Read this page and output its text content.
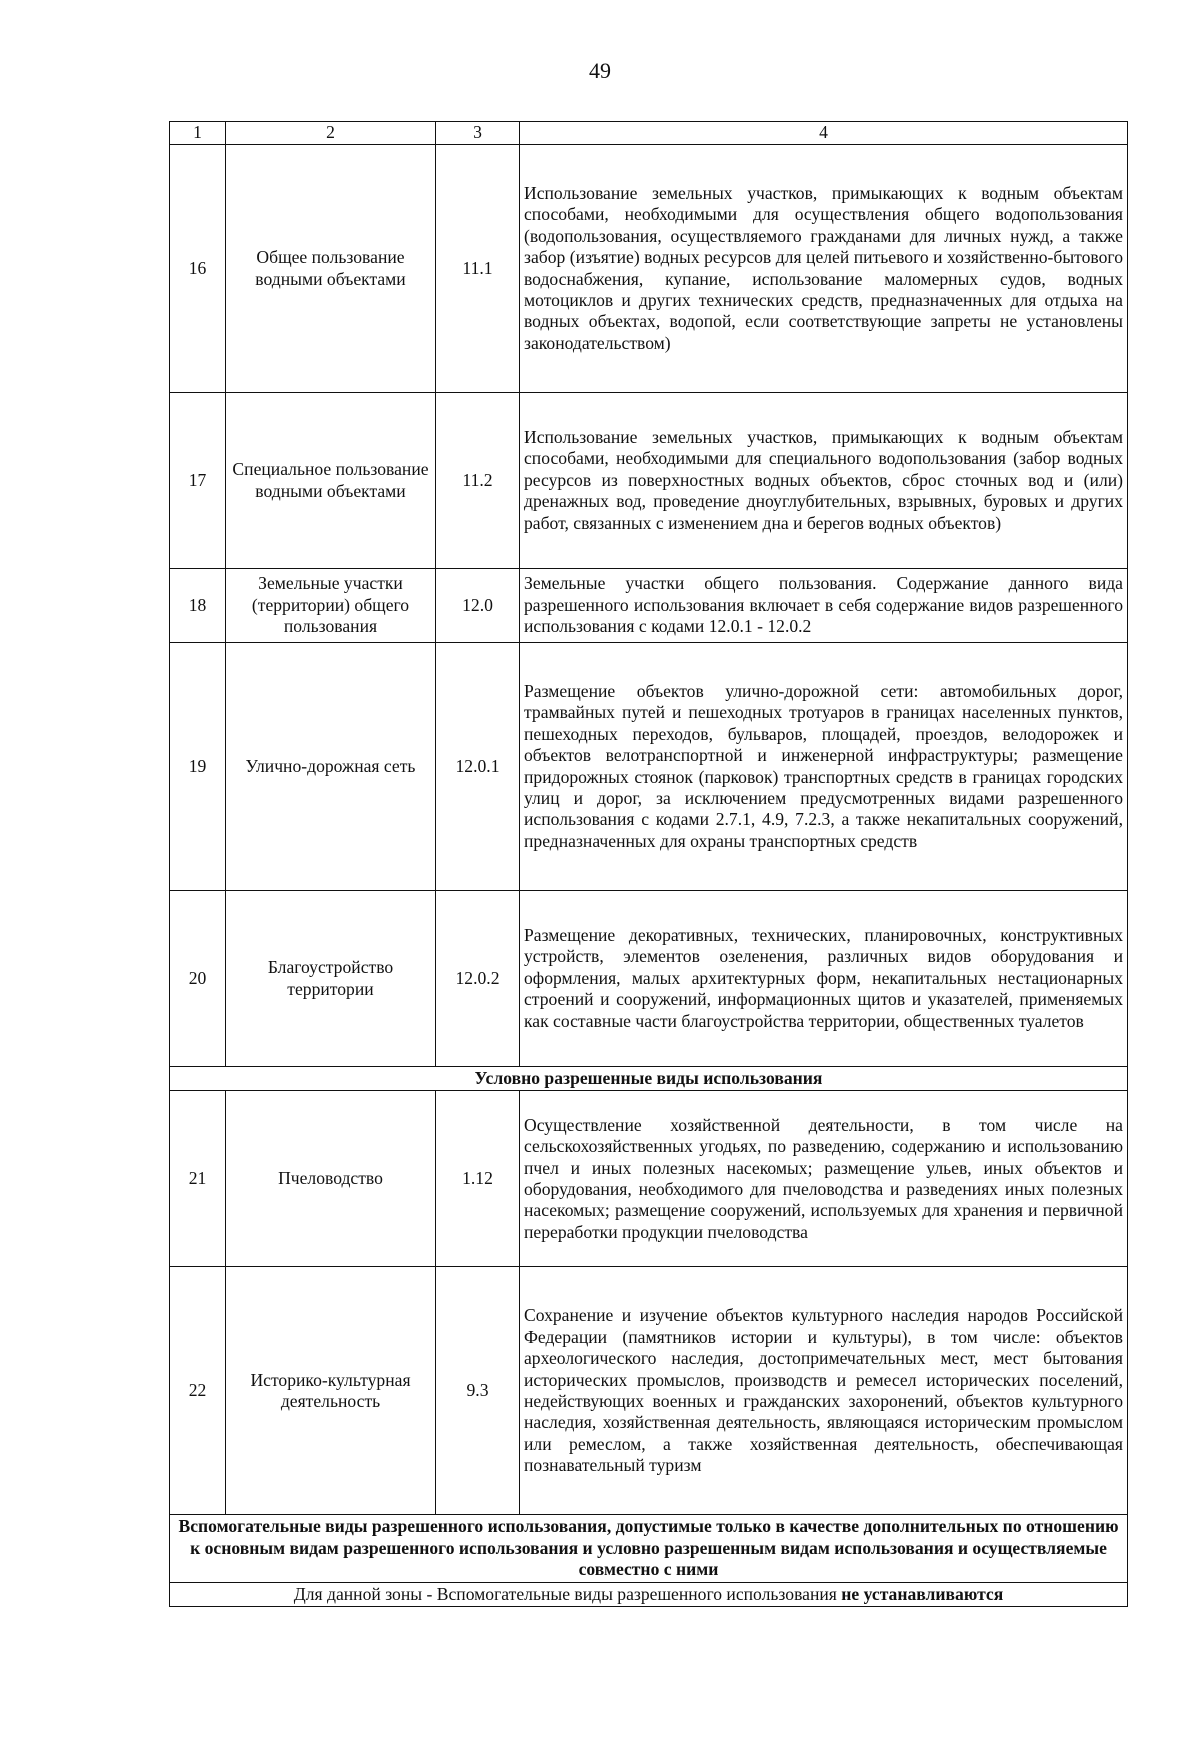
49
1	2	3	4
16	Общее пользование водными объектами	11.1	Использование земельных участков, примыкающих к водным объектам способами, необходимыми для осуществления общего водопользования (водопользования, осуществляемого гражданами для личных нужд, а также забор (изъятие) водных ресурсов для целей питьевого и хозяйственно-бытового водоснабжения, купание, использование маломерных судов, водных мотоциклов и других технических средств, предназначенных для отдыха на водных объектах, водопой, если соответствующие запреты не установлены законодательством)
17	Специальное пользование водными объектами	11.2	Использование земельных участков, примыкающих к водным объектам способами, необходимыми для специального водопользования (забор водных ресурсов из поверхностных водных объектов, сброс сточных вод и (или) дренажных вод, проведение дноуглубительных, взрывных, буровых и других работ, связанных с изменением дна и берегов водных объектов)
18	Земельные участки (территории) общего пользования	12.0	Земельные участки общего пользования. Содержание данного вида разрешенного использования включает в себя содержание видов разрешенного использования с кодами 12.0.1 - 12.0.2
19	Улично-дорожная сеть	12.0.1	Размещение объектов улично-дорожной сети: автомобильных дорог, трамвайных путей и пешеходных тротуаров в границах населенных пунктов, пешеходных переходов, бульваров, площадей, проездов, велодорожек и объектов велотранспортной и инженерной инфраструктуры; размещение придорожных стоянок (парковок) транспортных средств в границах городских улиц и дорог, за исключением предусмотренных видами разрешенного использования с кодами 2.7.1, 4.9, 7.2.3, а также некапитальных сооружений, предназначенных для охраны транспортных средств
20	Благоустройство территории	12.0.2	Размещение декоративных, технических, планировочных, конструктивных устройств, элементов озеленения, различных видов оборудования и оформления, малых архитектурных форм, некапитальных нестационарных строений и сооружений, информационных щитов и указателей, применяемых как составные части благоустройства территории, общественных туалетов
Условно разрешенные виды использования			
21	Пчеловодство	1.12	Осуществление хозяйственной деятельности, в том числе на сельскохозяйственных угодьях, по разведению, содержанию и использованию пчел и иных полезных насекомых; размещение ульев, иных объектов и оборудования, необходимого для пчеловодства и разведениях иных полезных насекомых; размещение сооружений, используемых для хранения и первичной переработки продукции пчеловодства
22	Историко-культурная деятельность	9.3	Сохранение и изучение объектов культурного наследия народов Российской Федерации (памятников истории и культуры), в том числе: объектов археологического наследия, достопримечательных мест, мест бытования исторических промыслов, производств и ремесел исторических поселений, недействующих военных и гражданских захоронений, объектов культурного наследия, хозяйственная деятельность, являющаяся историческим промыслом или ремеслом, а также хозяйственная деятельность, обеспечивающая познавательный туризм
Вспомогательные виды разрешенного использования, допустимые только в качестве дополнительных по отношению к основным видам разрешенного использования и условно разрешенным видам использования и осуществляемые совместно с ними			
Для данной зоны - Вспомогательные виды разрешенного использования не устанавливаются			
